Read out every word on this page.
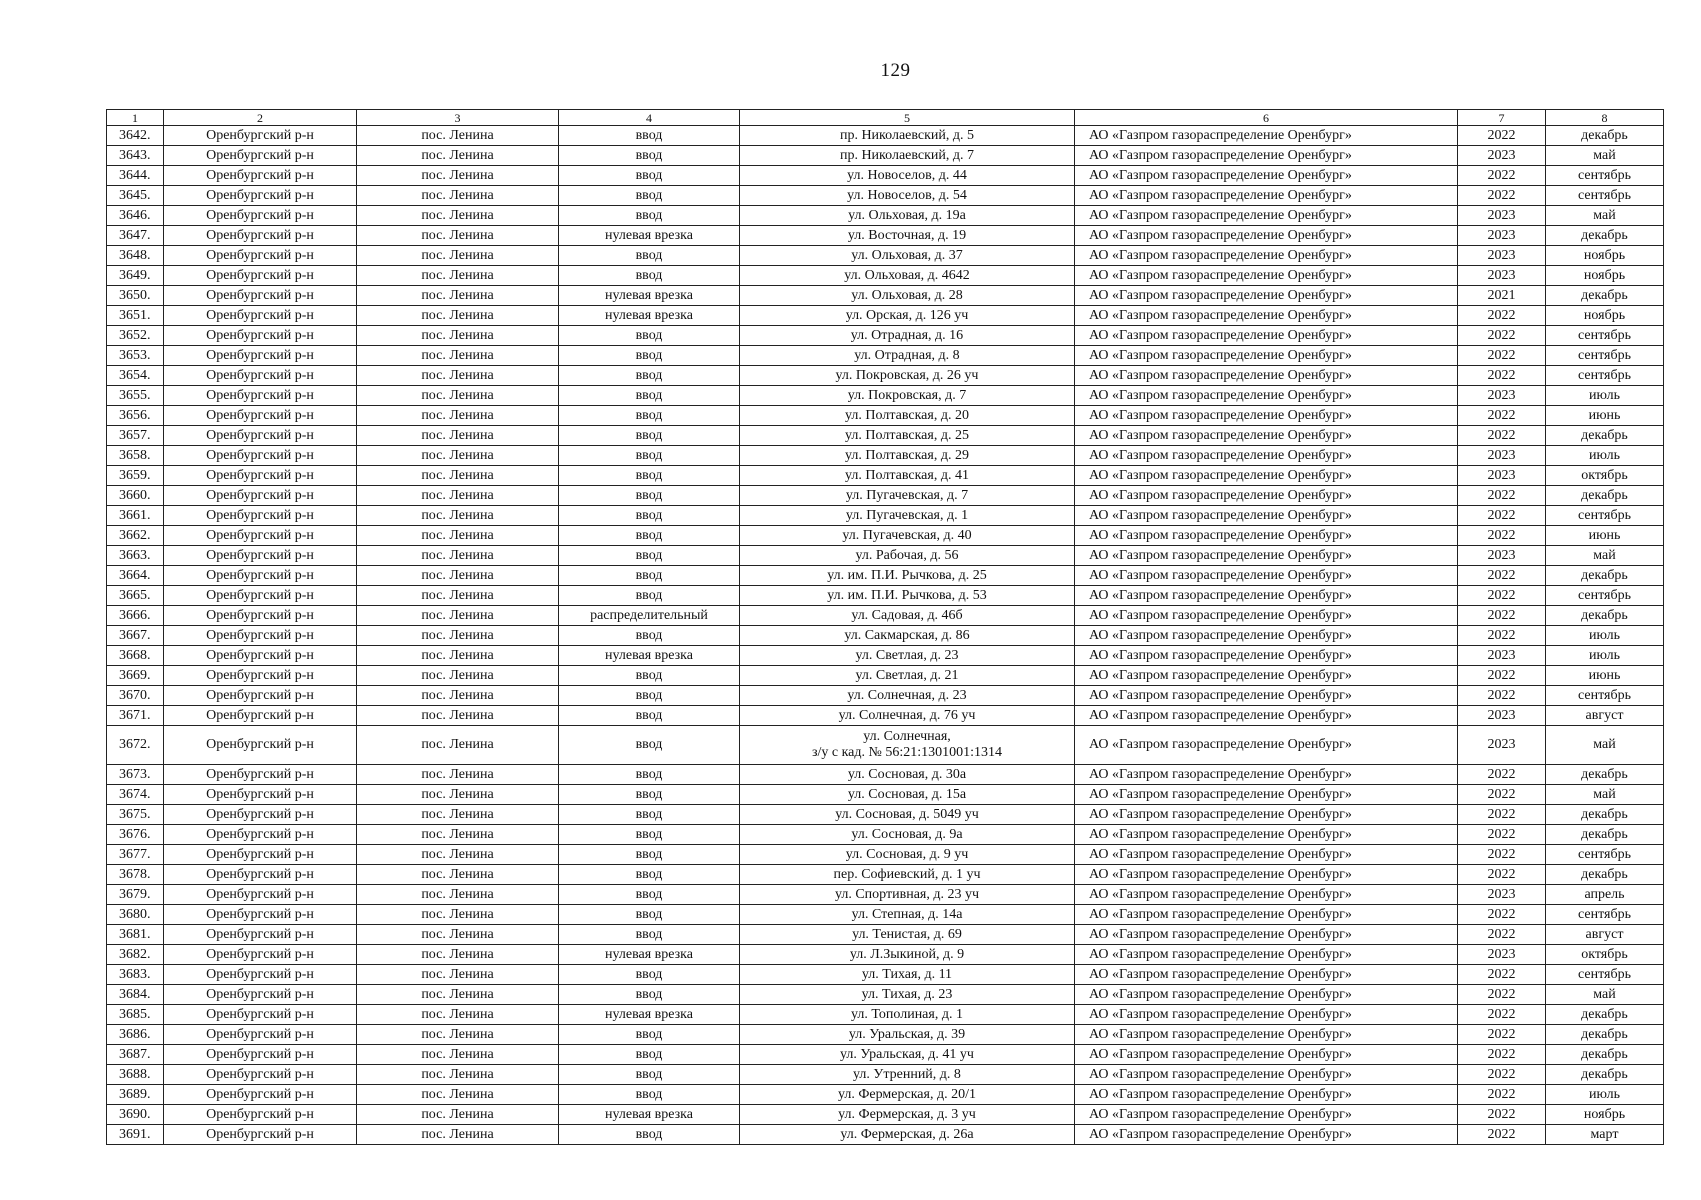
129
1	2	3	4	5	6	7	8
3642.	Оренбургский р-н	пос. Ленина	ввод	пр. Николаевский, д. 5	АО «Газпром газораспределение Оренбург»	2022	декабрь
3643.	Оренбургский р-н	пос. Ленина	ввод	пр. Николаевский, д. 7	АО «Газпром газораспределение Оренбург»	2023	май
3644.	Оренбургский р-н	пос. Ленина	ввод	ул. Новоселов, д. 44	АО «Газпром газораспределение Оренбург»	2022	сентябрь
3645.	Оренбургский р-н	пос. Ленина	ввод	ул. Новоселов, д. 54	АО «Газпром газораспределение Оренбург»	2022	сентябрь
3646.	Оренбургский р-н	пос. Ленина	ввод	ул. Ольховая, д. 19а	АО «Газпром газораспределение Оренбург»	2023	май
3647.	Оренбургский р-н	пос. Ленина	нулевая врезка	ул. Восточная, д. 19	АО «Газпром газораспределение Оренбург»	2023	декабрь
3648.	Оренбургский р-н	пос. Ленина	ввод	ул. Ольховая, д. 37	АО «Газпром газораспределение Оренбург»	2023	ноябрь
3649.	Оренбургский р-н	пос. Ленина	ввод	ул. Ольховая, д. 4642	АО «Газпром газораспределение Оренбург»	2023	ноябрь
3650.	Оренбургский р-н	пос. Ленина	нулевая врезка	ул. Ольховая, д. 28	АО «Газпром газораспределение Оренбург»	2021	декабрь
3651.	Оренбургский р-н	пос. Ленина	нулевая врезка	ул. Орская, д. 126 уч	АО «Газпром газораспределение Оренбург»	2022	ноябрь
3652.	Оренбургский р-н	пос. Ленина	ввод	ул. Отрадная, д. 16	АО «Газпром газораспределение Оренбург»	2022	сентябрь
3653.	Оренбургский р-н	пос. Ленина	ввод	ул. Отрадная, д. 8	АО «Газпром газораспределение Оренбург»	2022	сентябрь
3654.	Оренбургский р-н	пос. Ленина	ввод	ул. Покровская, д. 26 уч	АО «Газпром газораспределение Оренбург»	2022	сентябрь
3655.	Оренбургский р-н	пос. Ленина	ввод	ул. Покровская, д. 7	АО «Газпром газораспределение Оренбург»	2023	июль
3656.	Оренбургский р-н	пос. Ленина	ввод	ул. Полтавская, д. 20	АО «Газпром газораспределение Оренбург»	2022	июнь
3657.	Оренбургский р-н	пос. Ленина	ввод	ул. Полтавская, д. 25	АО «Газпром газораспределение Оренбург»	2022	декабрь
3658.	Оренбургский р-н	пос. Ленина	ввод	ул. Полтавская, д. 29	АО «Газпром газораспределение Оренбург»	2023	июль
3659.	Оренбургский р-н	пос. Ленина	ввод	ул. Полтавская, д. 41	АО «Газпром газораспределение Оренбург»	2023	октябрь
3660.	Оренбургский р-н	пос. Ленина	ввод	ул. Пугачевская, д. 7	АО «Газпром газораспределение Оренбург»	2022	декабрь
3661.	Оренбургский р-н	пос. Ленина	ввод	ул. Пугачевская, д. 1	АО «Газпром газораспределение Оренбург»	2022	сентябрь
3662.	Оренбургский р-н	пос. Ленина	ввод	ул. Пугачевская, д. 40	АО «Газпром газораспределение Оренбург»	2022	июнь
3663.	Оренбургский р-н	пос. Ленина	ввод	ул. Рабочая, д. 56	АО «Газпром газораспределение Оренбург»	2023	май
3664.	Оренбургский р-н	пос. Ленина	ввод	ул. им. П.И. Рычкова, д. 25	АО «Газпром газораспределение Оренбург»	2022	декабрь
3665.	Оренбургский р-н	пос. Ленина	ввод	ул. им. П.И. Рычкова, д. 53	АО «Газпром газораспределение Оренбург»	2022	сентябрь
3666.	Оренбургский р-н	пос. Ленина	распределительный	ул. Садовая, д. 46б	АО «Газпром газораспределение Оренбург»	2022	декабрь
3667.	Оренбургский р-н	пос. Ленина	ввод	ул. Сакмарская, д. 86	АО «Газпром газораспределение Оренбург»	2022	июль
3668.	Оренбургский р-н	пос. Ленина	нулевая врезка	ул. Светлая, д. 23	АО «Газпром газораспределение Оренбург»	2023	июль
3669.	Оренбургский р-н	пос. Ленина	ввод	ул. Светлая, д. 21	АО «Газпром газораспределение Оренбург»	2022	июнь
3670.	Оренбургский р-н	пос. Ленина	ввод	ул. Солнечная, д. 23	АО «Газпром газораспределение Оренбург»	2022	сентябрь
3671.	Оренбургский р-н	пос. Ленина	ввод	ул. Солнечная, д. 76 уч	АО «Газпром газораспределение Оренбург»	2023	август
3672.	Оренбургский р-н	пос. Ленина	ввод	ул. Солнечная,
з/у с кад. № 56:21:1301001:1314	АО «Газпром газораспределение Оренбург»	2023	май
3673.	Оренбургский р-н	пос. Ленина	ввод	ул. Сосновая, д. 30а	АО «Газпром газораспределение Оренбург»	2022	декабрь
3674.	Оренбургский р-н	пос. Ленина	ввод	ул. Сосновая, д. 15а	АО «Газпром газораспределение Оренбург»	2022	май
3675.	Оренбургский р-н	пос. Ленина	ввод	ул. Сосновая, д. 5049 уч	АО «Газпром газораспределение Оренбург»	2022	декабрь
3676.	Оренбургский р-н	пос. Ленина	ввод	ул. Сосновая, д. 9а	АО «Газпром газораспределение Оренбург»	2022	декабрь
3677.	Оренбургский р-н	пос. Ленина	ввод	ул. Сосновая, д. 9 уч	АО «Газпром газораспределение Оренбург»	2022	сентябрь
3678.	Оренбургский р-н	пос. Ленина	ввод	пер. Софиевский, д. 1 уч	АО «Газпром газораспределение Оренбург»	2022	декабрь
3679.	Оренбургский р-н	пос. Ленина	ввод	ул. Спортивная, д. 23 уч	АО «Газпром газораспределение Оренбург»	2023	апрель
3680.	Оренбургский р-н	пос. Ленина	ввод	ул. Степная, д. 14а	АО «Газпром газораспределение Оренбург»	2022	сентябрь
3681.	Оренбургский р-н	пос. Ленина	ввод	ул. Тенистая, д. 69	АО «Газпром газораспределение Оренбург»	2022	август
3682.	Оренбургский р-н	пос. Ленина	нулевая врезка	ул. Л.Зыкиной, д. 9	АО «Газпром газораспределение Оренбург»	2023	октябрь
3683.	Оренбургский р-н	пос. Ленина	ввод	ул. Тихая, д. 11	АО «Газпром газораспределение Оренбург»	2022	сентябрь
3684.	Оренбургский р-н	пос. Ленина	ввод	ул. Тихая, д. 23	АО «Газпром газораспределение Оренбург»	2022	май
3685.	Оренбургский р-н	пос. Ленина	нулевая врезка	ул. Тополиная, д. 1	АО «Газпром газораспределение Оренбург»	2022	декабрь
3686.	Оренбургский р-н	пос. Ленина	ввод	ул. Уральская, д. 39	АО «Газпром газораспределение Оренбург»	2022	декабрь
3687.	Оренбургский р-н	пос. Ленина	ввод	ул. Уральская, д. 41 уч	АО «Газпром газораспределение Оренбург»	2022	декабрь
3688.	Оренбургский р-н	пос. Ленина	ввод	ул. Утренний, д. 8	АО «Газпром газораспределение Оренбург»	2022	декабрь
3689.	Оренбургский р-н	пос. Ленина	ввод	ул. Фермерская, д. 20/1	АО «Газпром газораспределение Оренбург»	2022	июль
3690.	Оренбургский р-н	пос. Ленина	нулевая врезка	ул. Фермерская, д. 3 уч	АО «Газпром газораспределение Оренбург»	2022	ноябрь
3691.	Оренбургский р-н	пос. Ленина	ввод	ул. Фермерская, д. 26а	АО «Газпром газораспределение Оренбург»	2022	март
